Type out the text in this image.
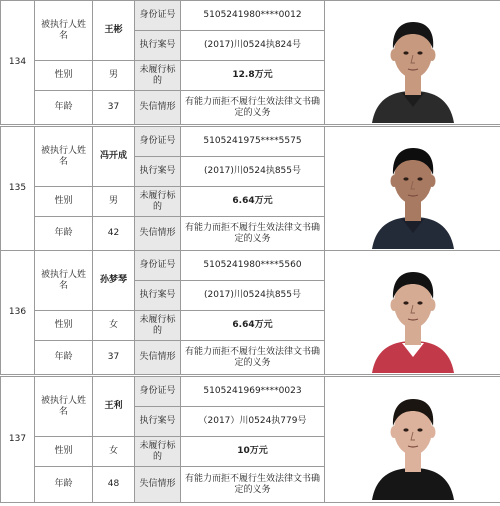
134	被执行人姓名	王彬	身份证号	5105241980****0012	

			执行案号	(2017)川0524执824号	
	性别	男	未履行标的	12.8万元	
	年龄	37	失信情形	有能力而拒不履行生效法律文书确定的义务	
135	被执行人姓名	冯开成	身份证号	5105241975****5575	

			执行案号	(2017)川0524执855号	
	性别	男	未履行标的	6.64万元	
	年龄	42	失信情形	有能力而拒不履行生效法律文书确定的义务	
136	被执行人姓名	孙梦琴	身份证号	5105241980****5560	

			执行案号	(2017)川0524执855号	
	性别	女	未履行标的	6.64万元	
	年龄	37	失信情形	有能力而拒不履行生效法律文书确定的义务	
137	被执行人姓名	王利	身份证号	5105241969****0023	

			执行案号	（2017）川0524执779号	
	性别	女	未履行标的	10万元	
	年龄	48	失信情形	有能力而拒不履行生效法律文书确定的义务	
